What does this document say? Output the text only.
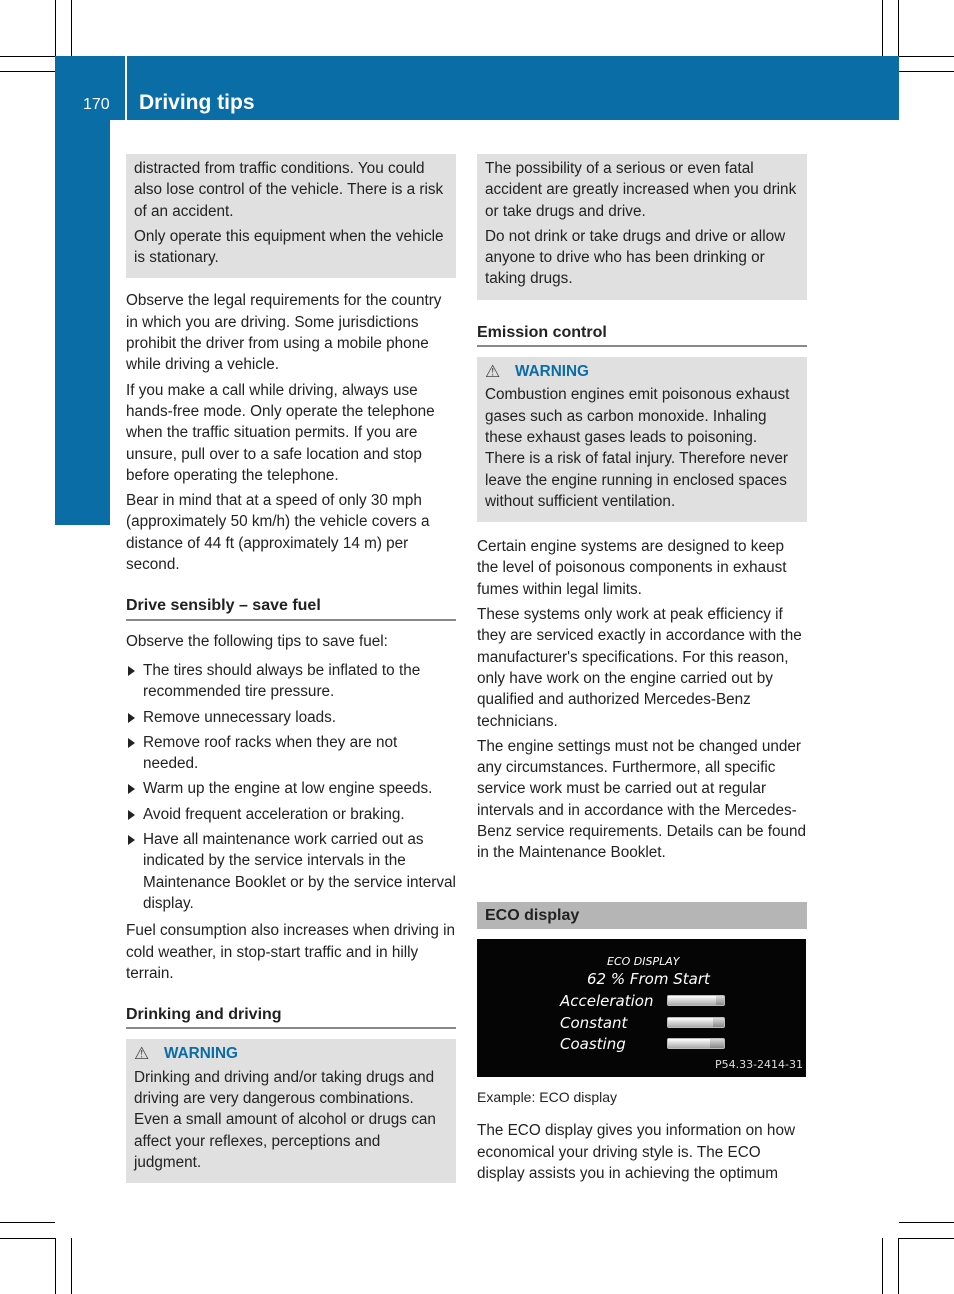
170 Driving tips
Driving and parking

distracted from traffic conditions. You could also lose control of the vehicle. There is a risk of an accident.

Only operate this equipment when the vehicle is stationary.

Observe the legal requirements for the country in which you are driving. Some jurisdictions prohibit the driver from using a mobile phone while driving a vehicle.

If you make a call while driving, always use hands-free mode. Only operate the telephone when the traffic situation permits. If you are unsure, pull over to a safe location and stop before operating the telephone.

Bear in mind that at a speed of only 30 mph (approximately 50 km/h) the vehicle covers a distance of 44 ft (approximately 14 m) per second.

Drive sensibly – save fuel

Observe the following tips to save fuel:

The tires should always be inflated to the recommended tire pressure.
Remove unnecessary loads.
Remove roof racks when they are not needed.
Warm up the engine at low engine speeds.
Avoid frequent acceleration or braking.
Have all maintenance work carried out as indicated by the service intervals in the Maintenance Booklet or by the service interval display.

Fuel consumption also increases when driving in cold weather, in stop-start traffic and in hilly terrain.

Drinking and driving
⚠ WARNING

Drinking and driving and/or taking drugs and driving are very dangerous combinations. Even a small amount of alcohol or drugs can affect your reflexes, perceptions and judgment.

The possibility of a serious or even fatal accident are greatly increased when you drink or take drugs and drive.

Do not drink or take drugs and drive or allow anyone to drive who has been drinking or taking drugs.

Emission control
⚠ WARNING

Combustion engines emit poisonous exhaust gases such as carbon monoxide. Inhaling these exhaust gases leads to poisoning. There is a risk of fatal injury. Therefore never leave the engine running in enclosed spaces without sufficient ventilation.

Certain engine systems are designed to keep the level of poisonous components in exhaust fumes within legal limits.

These systems only work at peak efficiency if they are serviced exactly in accordance with the manufacturer's specifications. For this reason, only have work on the engine carried out by qualified and authorized Mercedes-Benz technicians.

The engine settings must not be changed under any circumstances. Furthermore, all specific service work must be carried out at regular intervals and in accordance with the Mercedes-Benz service requirements. Details can be found in the Maintenance Booklet.

ECO display
ECO DISPLAY
62 % From Start
Acceleration
Constant
Coasting
P54.33-2414-31

Example: ECO display

The ECO display gives you information on how economical your driving style is. The ECO display assists you in achieving the optimum
